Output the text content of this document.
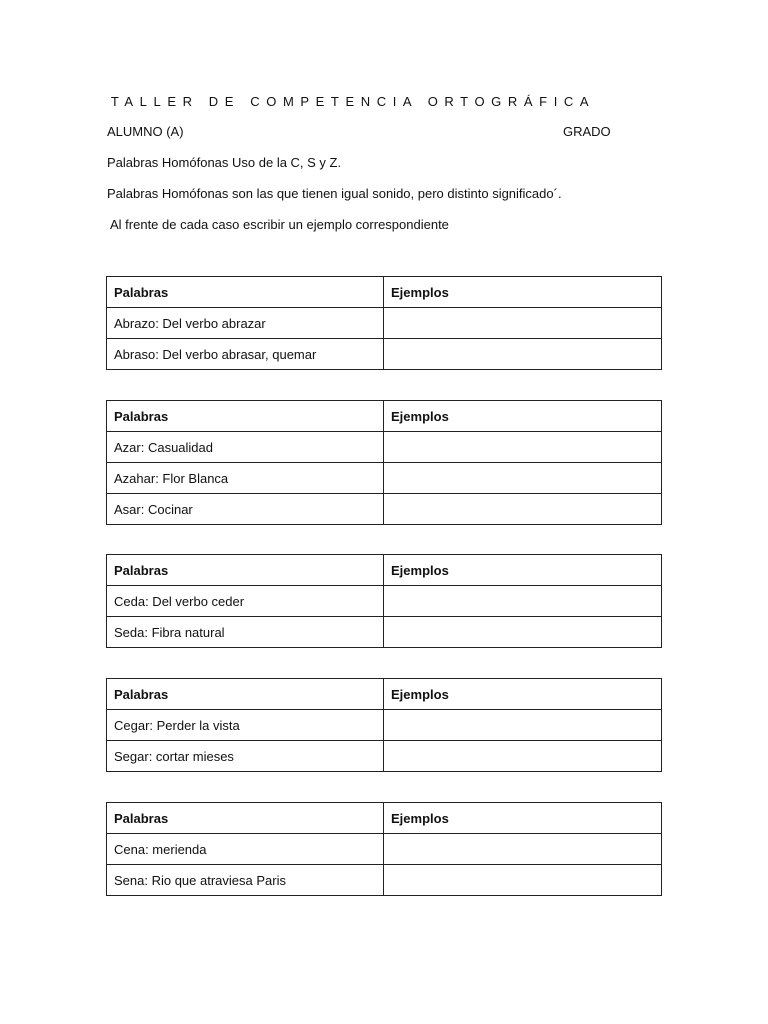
TALLER DE COMPETENCIA ORTOGRÁFICA

ALUMNO (A)	GRADO

Palabras Homófonas Uso de la C, S y Z.

Palabras Homófonas son las que tienen igual sonido, pero distinto significado´.

Al frente de cada caso escribir un ejemplo correspondiente

Palabras	Ejemplos
Abrazo: Del verbo abrazar	
Abraso: Del verbo abrasar, quemar	
Palabras	Ejemplos
Azar: Casualidad	
Azahar: Flor Blanca	
Asar: Cocinar	
Palabras	Ejemplos
Ceda: Del verbo ceder	
Seda: Fibra natural	
Palabras	Ejemplos
Cegar: Perder la vista	
Segar: cortar mieses	
Palabras	Ejemplos
Cena: merienda	
Sena: Rio que atraviesa Paris	
